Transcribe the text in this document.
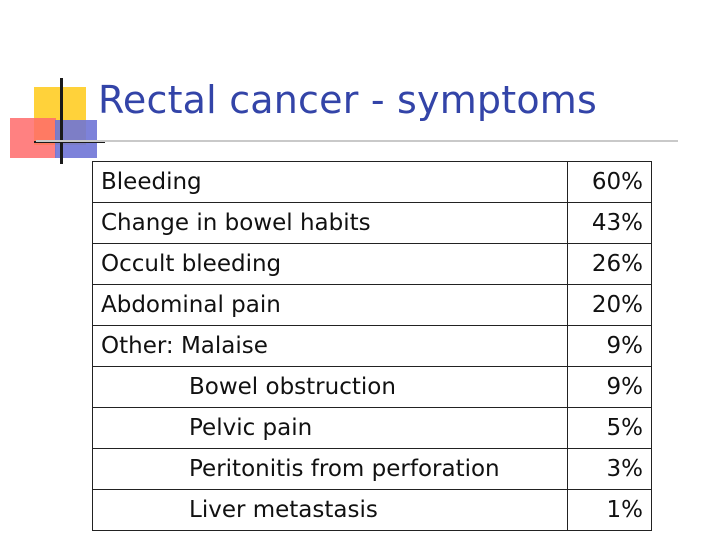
Rectal cancer - symptoms
Bleeding	60%
Change in bowel habits	43%
Occult bleeding	26%
Abdominal pain	20%
Other: Malaise	9%
Bowel obstruction	9%
Pelvic pain	5%
Peritonitis from perforation	3%
Liver metastasis	1%
